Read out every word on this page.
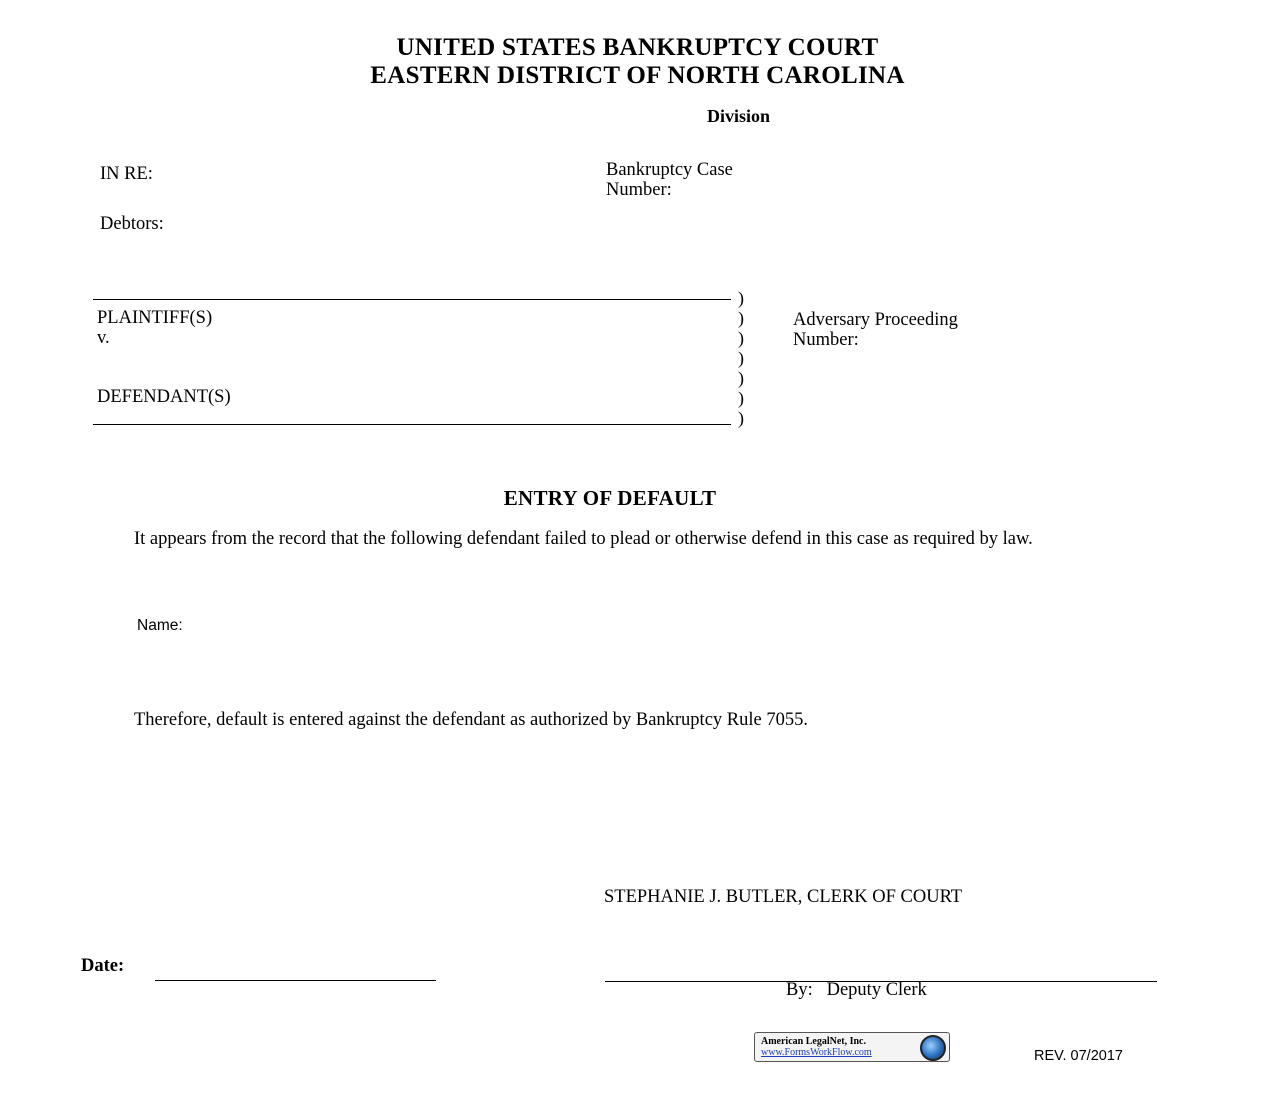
UNITED STATES BANKRUPTCY COURT
EASTERN DISTRICT OF NORTH CAROLINA
Division
IN RE:	Bankruptcy Case
Number:
Debtors:
PLAINTIFF(S)
v.
DEFENDANT(S)
)
)
)
)
)
)
)
Adversary Proceeding
Number:
ENTRY OF DEFAULT
It appears from the record that the following defendant failed to plead or otherwise defend in this case as required by law.
Name:
Therefore, default is entered against the defendant as authorized by Bankruptcy Rule 7055.
STEPHANIE J. BUTLER, CLERK OF COURT
Date:
By:   Deputy Clerk
American LegalNet, Inc.
www.FormsWorkFlow.com	REV. 07/2017
